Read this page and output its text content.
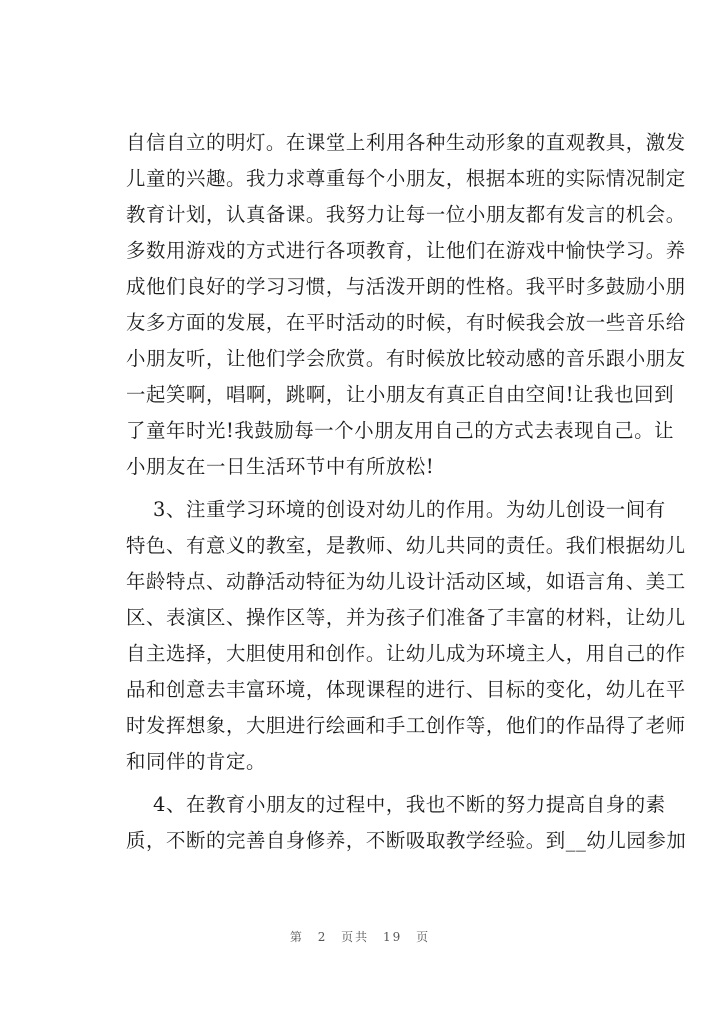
自信自立的明灯。在课堂上利用各种生动形象的直观教具，激发
儿童的兴趣。我力求尊重每个小朋友，根据本班的实际情况制定
教育计划，认真备课。我努力让每一位小朋友都有发言的机会。
多数用游戏的方式进行各项教育，让他们在游戏中愉快学习。养
成他们良好的学习习惯，与活泼开朗的性格。我平时多鼓励小朋
友多方面的发展，在平时活动的时候，有时候我会放一些音乐给
小朋友听，让他们学会欣赏。有时候放比较动感的音乐跟小朋友
一起笑啊，唱啊，跳啊，让小朋友有真正自由空间!让我也回到
了童年时光!我鼓励每一个小朋友用自己的方式去表现自己。让
小朋友在一日生活环节中有所放松!
3、注重学习环境的创设对幼儿的作用。为幼儿创设一间有
特色、有意义的教室，是教师、幼儿共同的责任。我们根据幼儿
年龄特点、动静活动特征为幼儿设计活动区域，如语言角、美工
区、表演区、操作区等，并为孩子们准备了丰富的材料，让幼儿
自主选择，大胆使用和创作。让幼儿成为环境主人，用自己的作
品和创意去丰富环境，体现课程的进行、目标的变化，幼儿在平
时发挥想象，大胆进行绘画和手工创作等，他们的作品得了老师
和同伴的肯定。
4、在教育小朋友的过程中，我也不断的努力提高自身的素
质，不断的完善自身修养，不断吸取教学经验。到__幼儿园参加
第 2 页共 19 页
